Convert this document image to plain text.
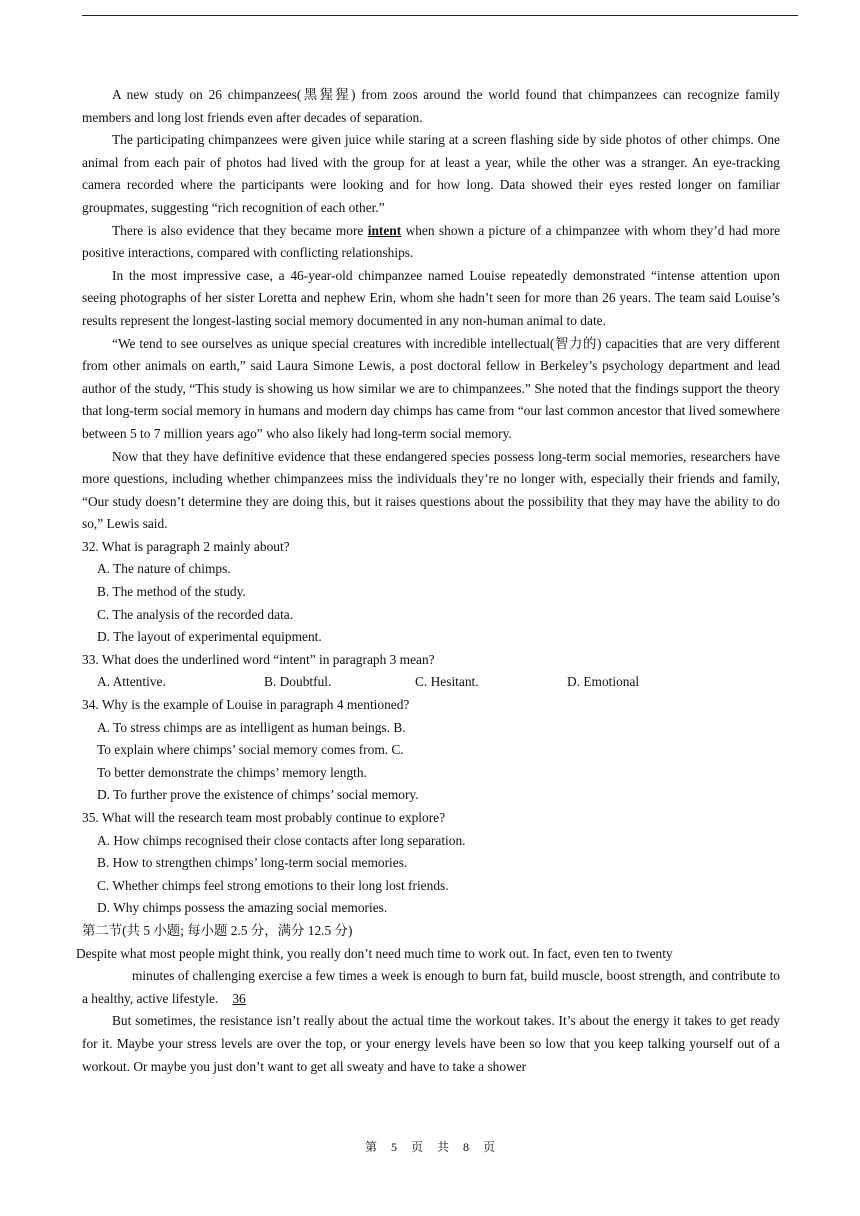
A new study on 26 chimpanzees(黑猩猩) from zoos around the world found that chimpanzees can recognize family members and long lost friends even after decades of separation.

The participating chimpanzees were given juice while staring at a screen flashing side by side photos of other chimps. One animal from each pair of photos had lived with the group for at least a year, while the other was a stranger. An eye-tracking camera recorded where the participants were looking and for how long. Data showed their eyes rested longer on familiar groupmates, suggesting “rich recognition of each other.”

There is also evidence that they became more intent when shown a picture of a chimpanzee with whom they’d had more positive interactions, compared with conflicting relationships.

In the most impressive case, a 46-year-old chimpanzee named Louise repeatedly demonstrated “intense attention upon seeing photographs of her sister Loretta and nephew Erin, whom she hadn’t seen for more than 26 years. The team said Louise’s results represent the longest-lasting social memory documented in any non-human animal to date.

“We tend to see ourselves as unique special creatures with incredible intellectual(智力的) capacities that are very different from other animals on earth,” said Laura Simone Lewis, a post doctoral fellow in Berkeley’s psychology department and lead author of the study, “This study is showing us how similar we are to chimpanzees.” She noted that the findings support the theory that long-term social memory in humans and modern day chimps has came from “our last common ancestor that lived somewhere between 5 to 7 million years ago” who also likely had long-term social memory.

Now that they have definitive evidence that these endangered species possess long-term social memories, researchers have more questions, including whether chimpanzees miss the individuals they’re no longer with, especially their friends and family, “Our study doesn’t determine they are doing this, but it raises questions about the possibility that they may have the ability to do so,” Lewis said.

32. What is paragraph 2 mainly about?
A. The nature of chimps.
B. The method of the study.
C. The analysis of the recorded data.
D. The layout of experimental equipment.
33. What does the underlined word “intent” in paragraph 3 mean?
A. Attentive.	B. Doubtful.	C. Hesitant.	D. Emotional
34. Why is the example of Louise in paragraph 4 mentioned?
A. To stress chimps are as intelligent as human beings. B.
To explain where chimps’ social memory comes from. C.
To better demonstrate the chimps’ memory length.
D. To further prove the existence of chimps’ social memory.
35. What will the research team most probably continue to explore?
A. How chimps recognised their close contacts after long separation.
B. How to strengthen chimps’ long-term social memories.
C. Whether chimps feel strong emotions to their long lost friends.
D. Why chimps possess the amazing social memories.
第二节(共 5 小题; 每小题 2.5 分，满分 12.5 分)

Despite what most people might think, you really don’t need much time to work out. In fact, even ten to twenty

minutes of challenging exercise a few times a week is enough to burn fat, build muscle, boost strength, and contribute to a healthy, active lifestyle. 36

But sometimes, the resistance isn’t really about the actual time the workout takes. It’s about the energy it takes to get ready for it. Maybe your stress levels are over the top, or your energy levels have been so low that you keep talking yourself out of a workout. Or maybe you just don’t want to get all sweaty and have to take a shower

第 5 页 共 8 页
